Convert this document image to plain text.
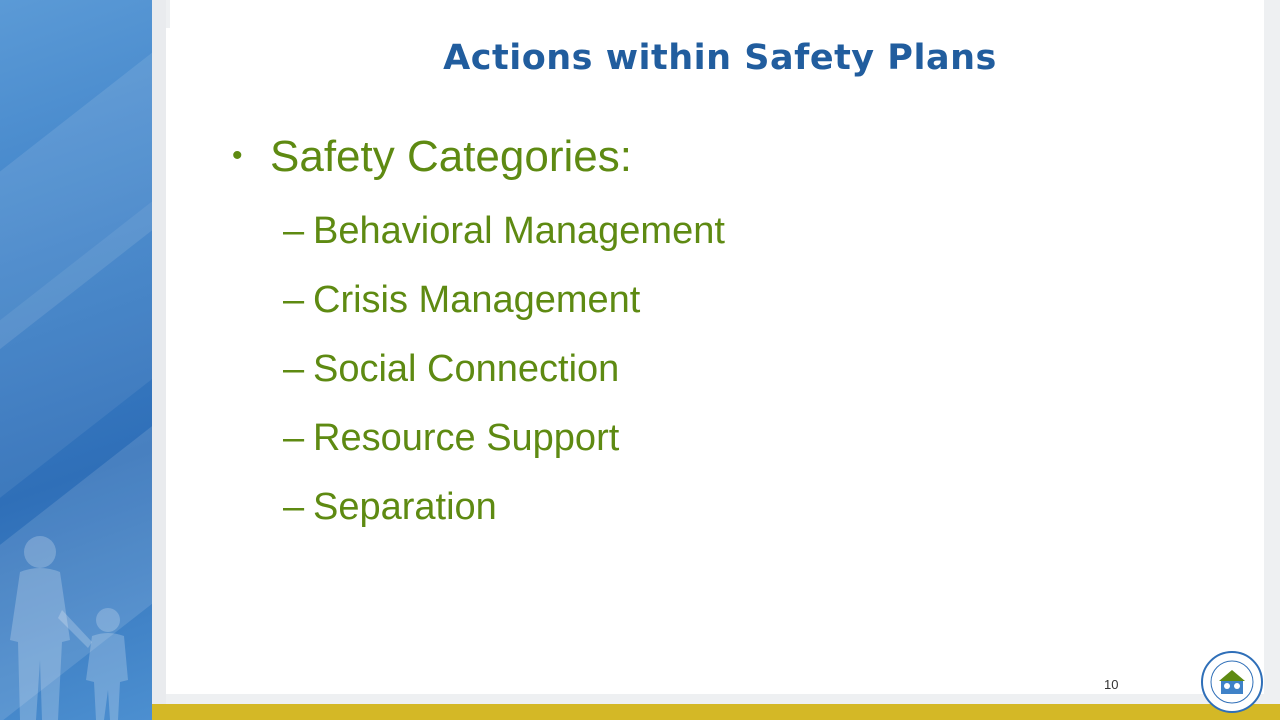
Actions within Safety Plans
• Safety Categories:
– Behavioral Management
– Crisis Management
– Social Connection
– Resource Support
– Separation
10
